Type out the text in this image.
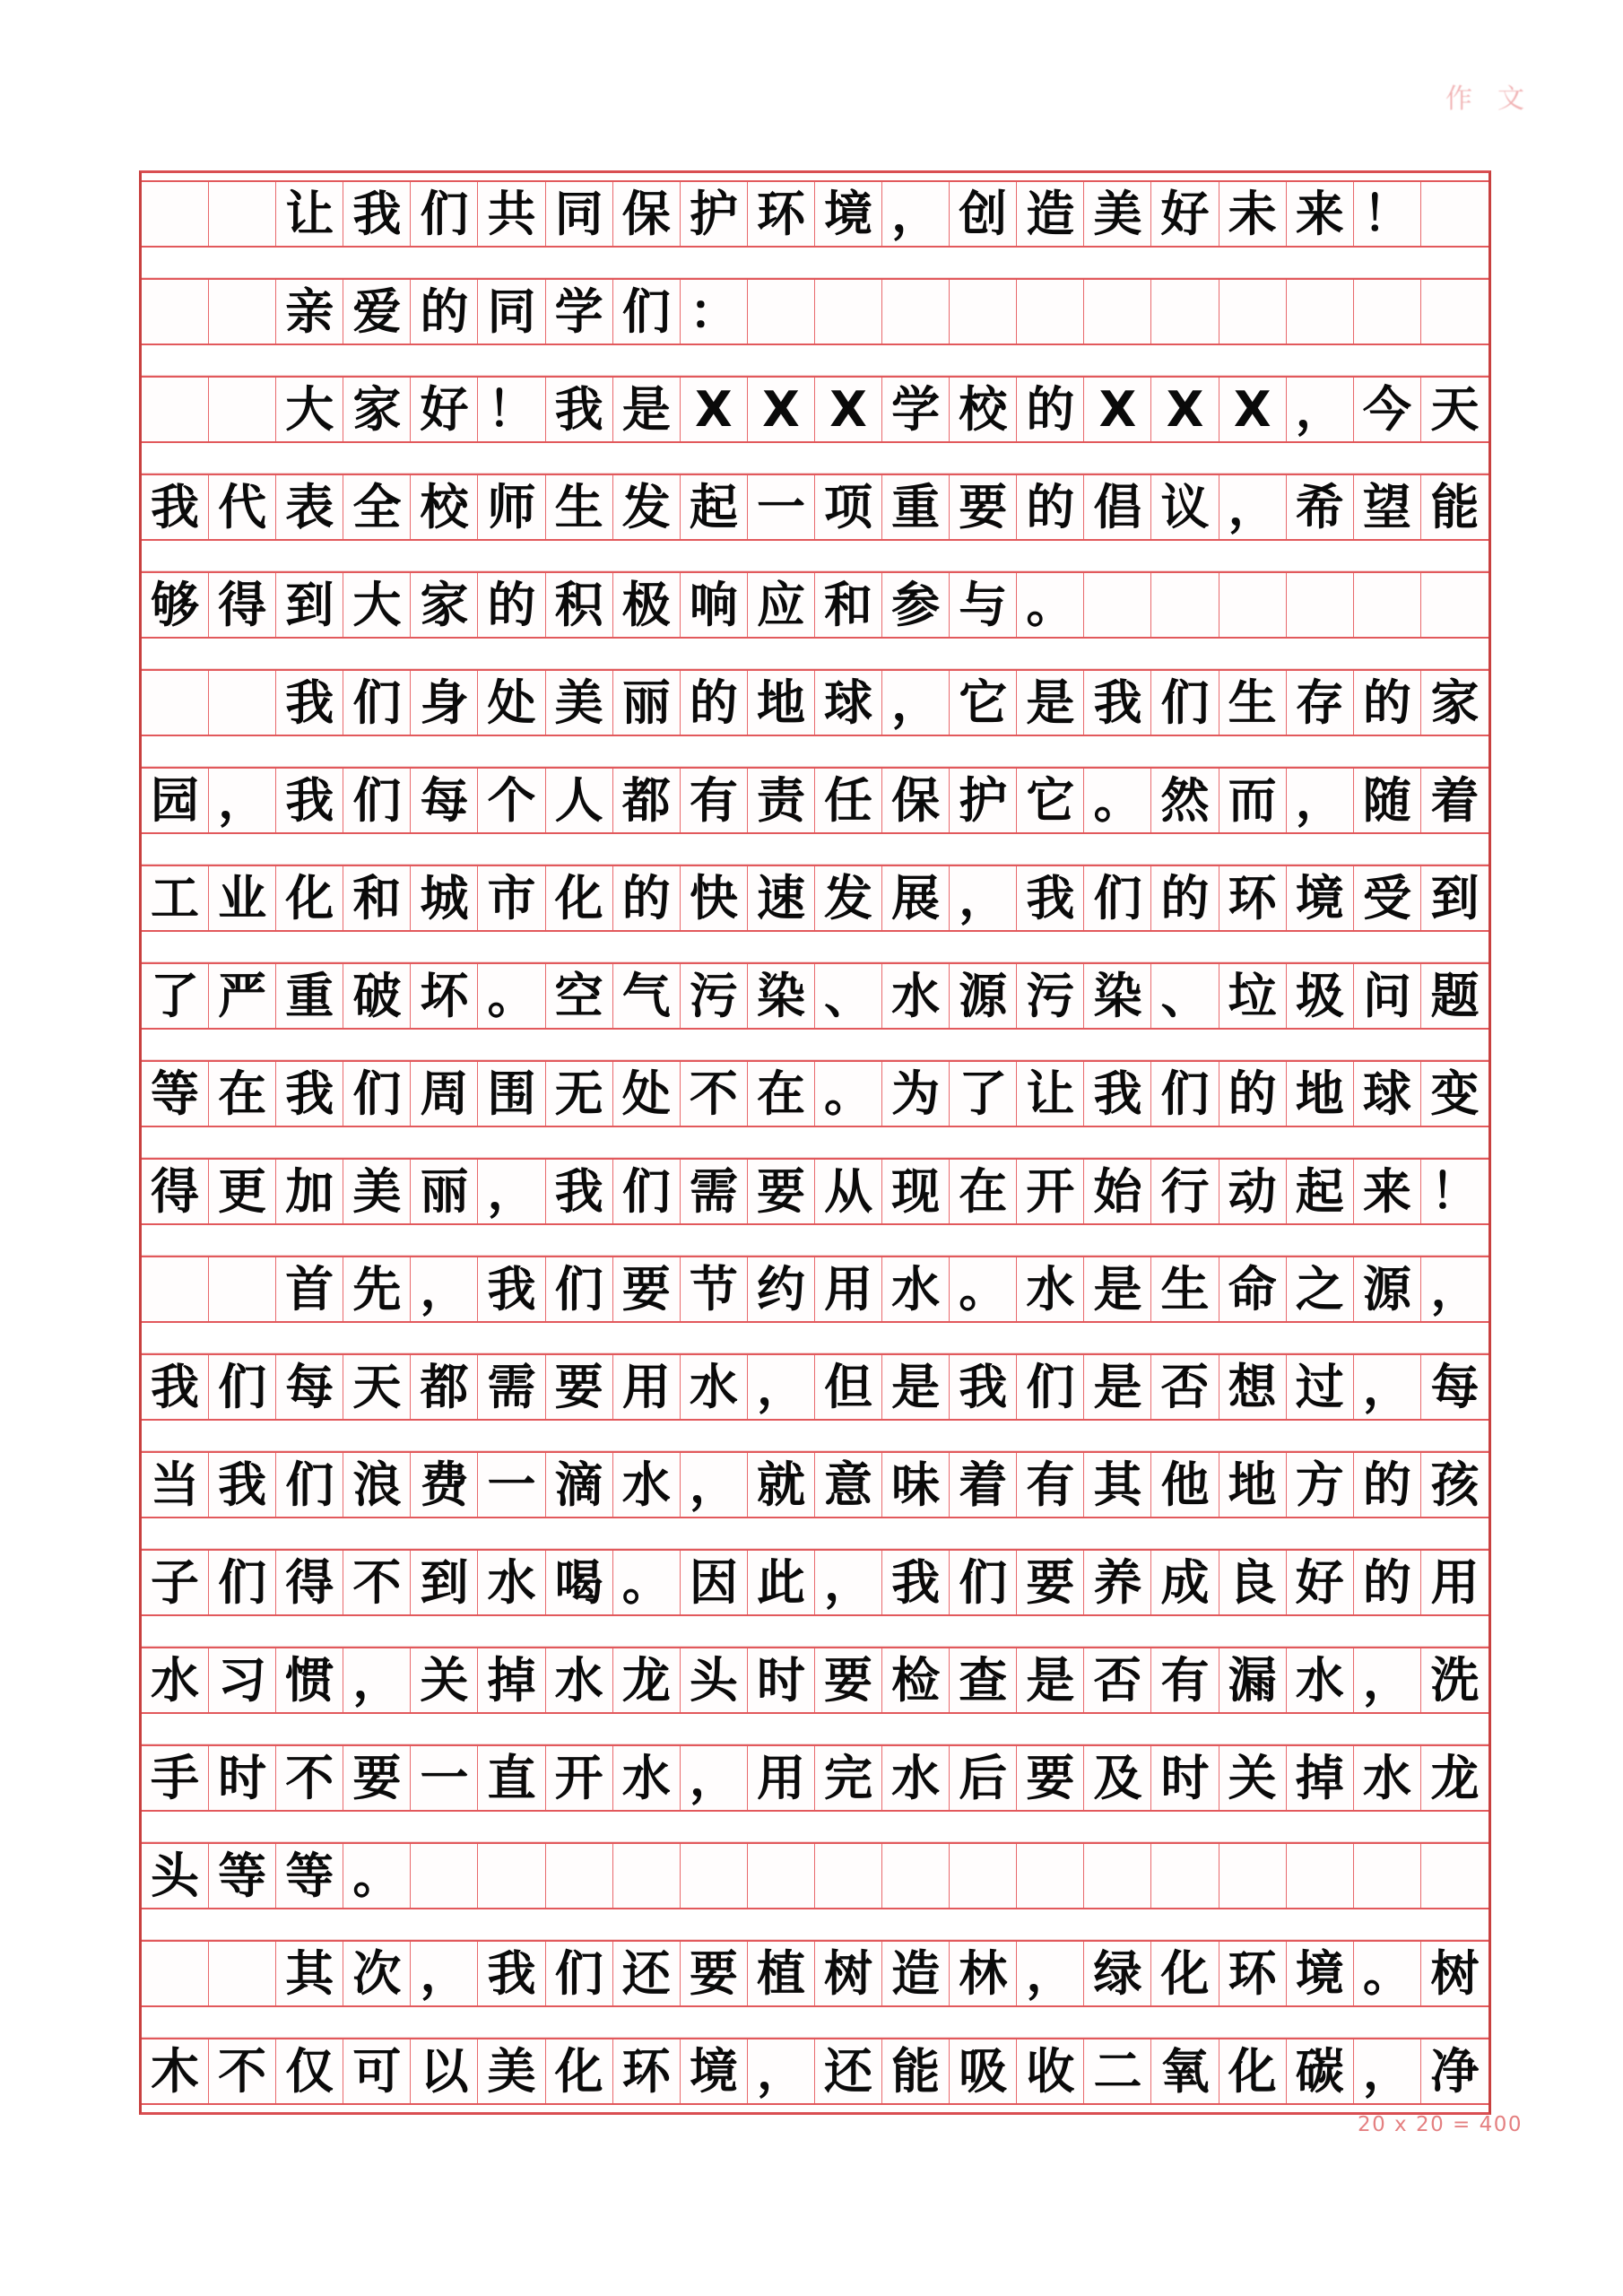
作 文
让 我 们 共 同 保 护 环 境 ， 创 造 美 好 未 来 ！
亲 爱 的 同 学 们 ：
大 家 好 ！ 我 是 X X X 学 校 的 X X X ， 今 天
我 代 表 全 校 师 生 发 起 一 项 重 要 的 倡 议 ， 希 望 能
够 得 到 大 家 的 积 极 响 应 和 参 与 。
我 们 身 处 美 丽 的 地 球 ， 它 是 我 们 生 存 的 家
园 ， 我 们 每 个 人 都 有 责 任 保 护 它 。 然 而 ， 随 着
工 业 化 和 城 市 化 的 快 速 发 展 ， 我 们 的 环 境 受 到
了 严 重 破 坏 。 空 气 污 染 、 水 源 污 染 、 垃 圾 问 题
等 在 我 们 周 围 无 处 不 在 。 为 了 让 我 们 的 地 球 变
得 更 加 美 丽 ， 我 们 需 要 从 现 在 开 始 行 动 起 来 ！
首 先 ， 我 们 要 节 约 用 水 。 水 是 生 命 之 源 ，
我 们 每 天 都 需 要 用 水 ， 但 是 我 们 是 否 想 过 ， 每
当 我 们 浪 费 一 滴 水 ， 就 意 味 着 有 其 他 地 方 的 孩
子 们 得 不 到 水 喝 。 因 此 ， 我 们 要 养 成 良 好 的 用
水 习 惯 ， 关 掉 水 龙 头 时 要 检 查 是 否 有 漏 水 ， 洗
手 时 不 要 一 直 开 水 ， 用 完 水 后 要 及 时 关 掉 水 龙
头 等 等 。
其 次 ， 我 们 还 要 植 树 造 林 ， 绿 化 环 境 。 树
木 不 仅 可 以 美 化 环 境 ， 还 能 吸 收 二 氧 化 碳 ， 净
20 x 20 = 400
